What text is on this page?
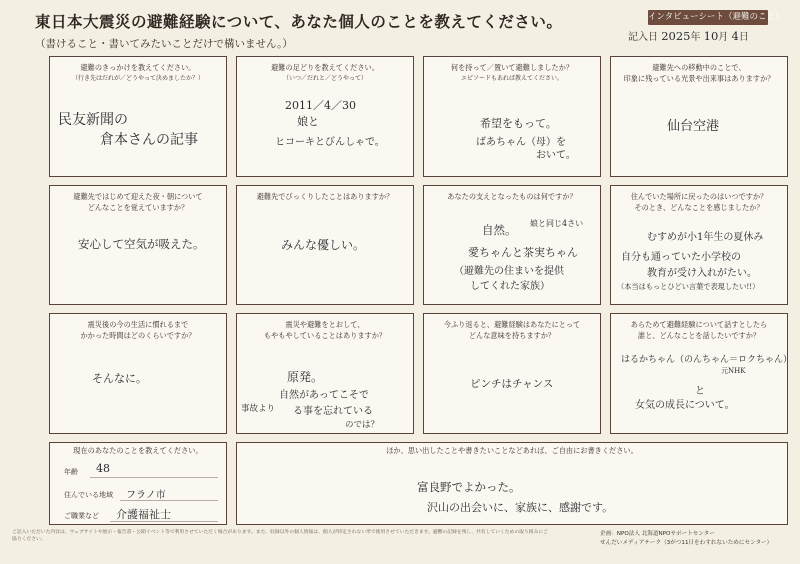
東日本大震災の避難経験について、あなた個人のことを教えてください。
（書けること・書いてみたいことだけで構いません。）
インタビューシート（避難のこと）
記入日 2025年 10月 4日
避難のきっかけを教えてください。
（行き先はだれが／どうやって決めましたか？）
民友新聞の
倉本さんの記事
避難の足どりを教えてください。
（いつ／だれと／どうやって）
2011／4／30
娘と
ヒコーキとびんしゃで。
何を持って／置いて避難しましたか？
エピソードもあれば教えてください。
希望をもって。
ばあちゃん（母）を
おいて。
避難先への移動中のことで、
印象に残っている光景や出来事はありますか？
仙台空港
避難先ではじめて迎えた夜・朝について
どんなことを覚えていますか？
安心して空気が吸えた。
避難先でびっくりしたことはありますか？
みんな優しい。
あなたの支えとなったものは何ですか？
自然。 娘と同じ4さい
愛ちゃんと茶実ちゃん
（避難先の住まいを提供
してくれた家族）
住んでいた場所に戻ったのはいつですか？
そのとき、どんなことを感じましたか？
むすめが小1年生の夏休み
自分も通っていた小学校の
教育が受け入れがたい。
（本当はもっとひどい言葉で表現したい!!）
震災後の今の生活に慣れるまで
かかった時間はどのくらいですか？
そんなに。
震災や避難をとおして、
もやもやしていることはありますか？
原発。
事故より
自然があってこそで
る事を忘れている
のでは？
今ふり返ると、避難経験はあなたにとって
どんな意味を持ちますか？
ピンチはチャンス
あらためて避難経験について話すとしたら
誰と、どんなことを話したいですか？
はるかちゃん（のんちゃん＝ロクちゃん）
元NHK
と
女気の成長について。
現在のあなたのことを教えてください。
年齢 48
住んでいる地域 フラノ市
ご職業など 介護福祉士
ほか、思い出したことや書きたいことなどあれば、ご自由にお書きください。
富良野でよかった。
沢山の出会いに、家族に、感謝です。
ご記入いただいた内容は、ウェブサイトや展示・報告書・公開イベント等で利用させていただく場合があります。また、収録以外の個人情報は、個人が特定されない形で使用させていただきます。避難の記録を残し、共有していくための取り組みにご協力ください。
企画：NPO法人 北海道NPOサポートセンター
せんだいメディアテーク（3がつ11日をわすれないためにセンター）
